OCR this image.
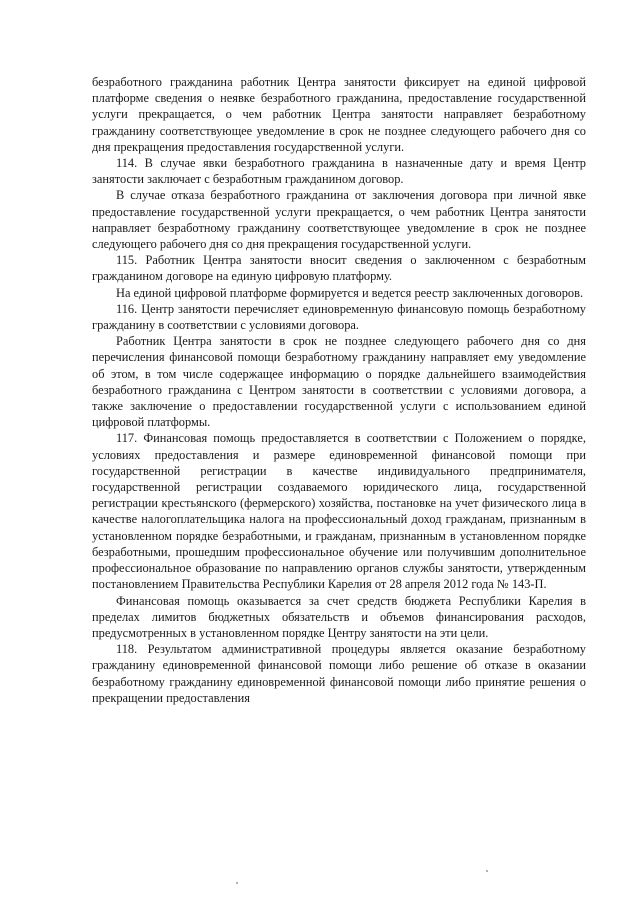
безработного гражданина работник Центра занятости фиксирует на единой цифровой платформе сведения о неявке безработного гражданина, предоставление государственной услуги прекращается, о чем работник Центра занятости направляет безработному гражданину соответствующее уведомление в срок не позднее следующего рабочего дня со дня прекращения предоставления государственной услуги.

114. В случае явки безработного гражданина в назначенные дату и время Центр занятости заключает с безработным гражданином договор.

В случае отказа безработного гражданина от заключения договора при личной явке предоставление государственной услуги прекращается, о чем работник Центра занятости направляет безработному гражданину соответствующее уведомление в срок не позднее следующего рабочего дня со дня прекращения государственной услуги.

115. Работник Центра занятости вносит сведения о заключенном с безработным гражданином договоре на единую цифровую платформу.

На единой цифровой платформе формируется и ведется реестр заключенных договоров.

116. Центр занятости перечисляет единовременную финансовую помощь безработному гражданину в соответствии с условиями договора.

Работник Центра занятости в срок не позднее следующего рабочего дня со дня перечисления финансовой помощи безработному гражданину направляет ему уведомление об этом, в том числе содержащее информацию о порядке дальнейшего взаимодействия безработного гражданина с Центром занятости в соответствии с условиями договора, а также заключение о предоставлении государственной услуги с использованием единой цифровой платформы.

117. Финансовая помощь предоставляется в соответствии с Положением о порядке, условиях предоставления и размере единовременной финансовой помощи при государственной регистрации в качестве индивидуального предпринимателя, государственной регистрации создаваемого юридического лица, государственной регистрации крестьянского (фермерского) хозяйства, постановке на учет физического лица в качестве налогоплательщика налога на профессиональный доход гражданам, признанным в установленном порядке безработными, и гражданам, признанным в установленном порядке безработными, прошедшим профессиональное обучение или получившим дополнительное профессиональное образование по направлению органов службы занятости, утвержденным постановлением Правительства Республики Карелия от 28 апреля 2012 года № 143-П.

Финансовая помощь оказывается за счет средств бюджета Республики Карелия в пределах лимитов бюджетных обязательств и объемов финансирования расходов, предусмотренных в установленном порядке Центру занятости на эти цели.

118. Результатом административной процедуры является оказание безработному гражданину единовременной финансовой помощи либо решение об отказе в оказании безработному гражданину единовременной финансовой помощи либо принятие решения о прекращении предоставления
